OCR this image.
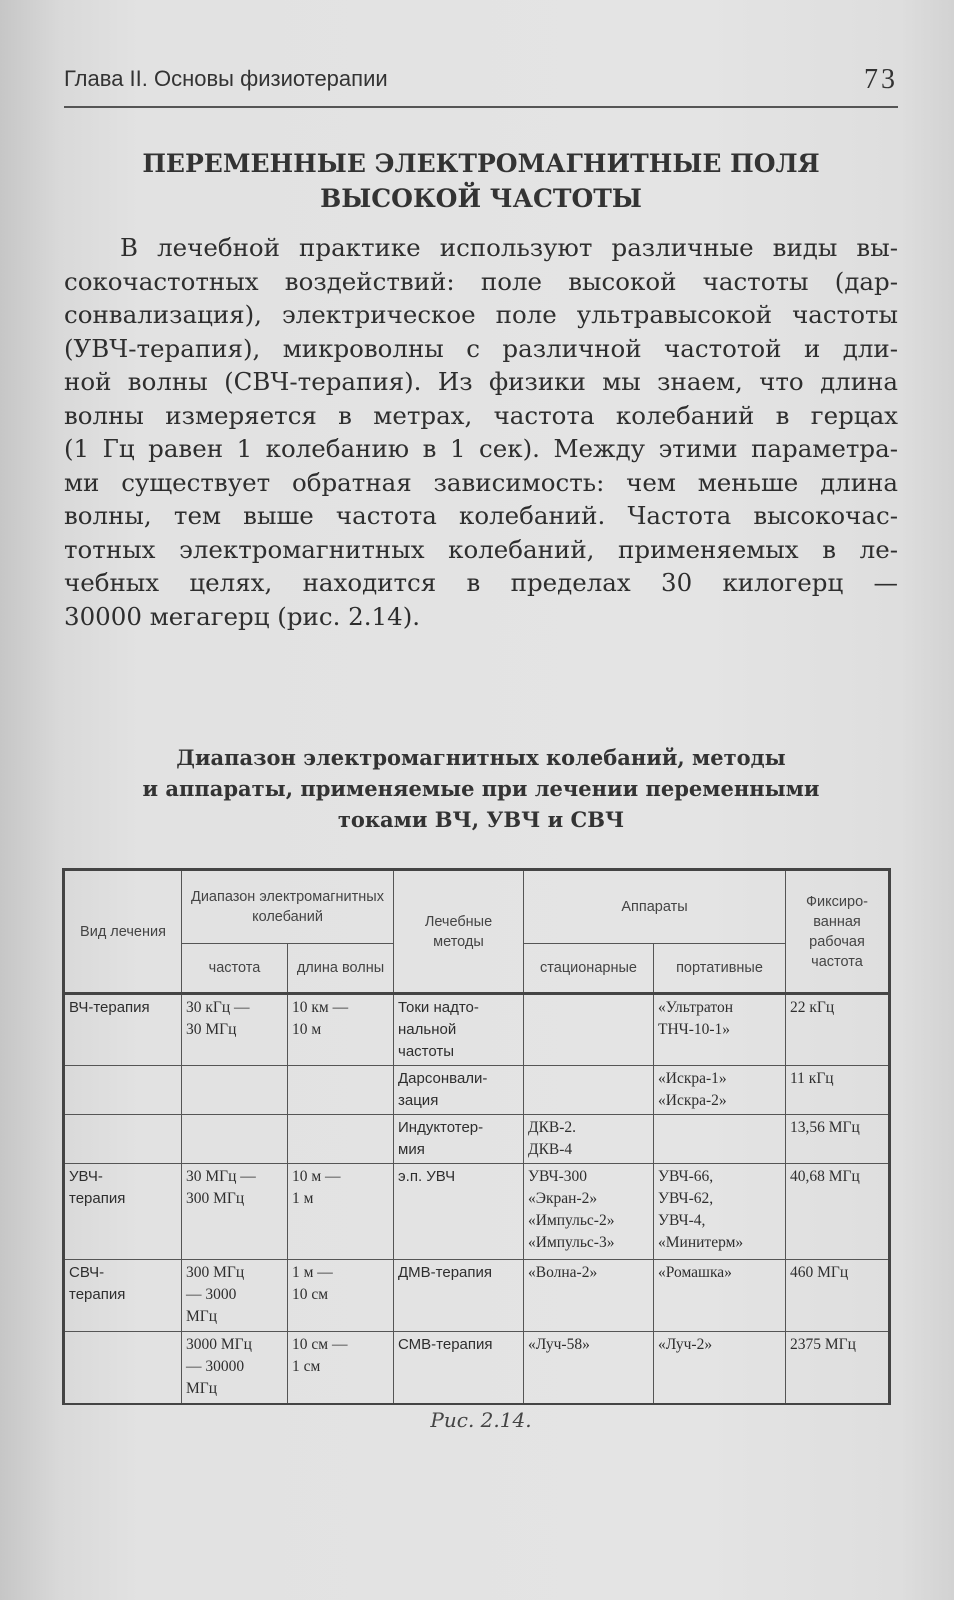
Глава II. Основы физиотерапии	73
ПЕРЕМЕННЫЕ ЭЛЕКТРОМАГНИТНЫЕ ПОЛЯ
ВЫСОКОЙ ЧАСТОТЫ
В лечебной практике используют различные виды вы-
сокочастотных воздействий: поле высокой частоты (дар-
сонвализация), электрическое поле ультравысокой частоты
(УВЧ-терапия), микроволны с различной частотой и дли-
ной волны (СВЧ-терапия). Из физики мы знаем, что длина
волны измеряется в метрах, частота колебаний в герцах
(1 Гц равен 1 колебанию в 1 сек). Между этими параметра-
ми существует обратная зависимость: чем меньше длина
волны, тем выше частота колебаний. Частота высокочас-
тотных электромагнитных колебаний, применяемых в ле-
чебных целях, находится в пределах 30 килогерц —
30000 мегагерц (рис. 2.14).
Диапазон электромагнитных колебаний, методы
и аппараты, применяемые при лечении переменными
токами ВЧ, УВЧ и СВЧ
Вид лечения	Диапазон электромагнитных колебаний		Лечебные методы	Аппараты		Фиксиро-ванная рабочая частота
	частота	длина волны		стационарные	портативные	

ВЧ-терапия	30 кГц —
30 МГц	10 км —
10 м	Токи надто-
нальной
частоты		«Ультратон
ТНЧ-10-1»	22 кГц

			Дарсонвали-
зация		«Искра-1»
«Искра-2»	11 кГц

			Индуктотер-
мия	ДКВ-2.
ДКВ-4		13,56 МГц

УВЧ-
терапия	30 МГц —
300 МГц	10 м —
1 м	э.п. УВЧ	УВЧ-300
«Экран-2»
«Импульс-2»
«Импульс-3»	УВЧ-66,
УВЧ-62,
УВЧ-4,
«Минитерм»	40,68 МГц

СВЧ-
терапия	300 МГц
— 3000
МГц	1 м —
10 см	ДМВ-терапия	«Волна-2»	«Ромашка»	460 МГц

	3000 МГц
— 30000
МГц	10 см —
1 см	СМВ-терапия	«Луч-58»	«Луч-2»	2375 МГц
Рис. 2.14.
